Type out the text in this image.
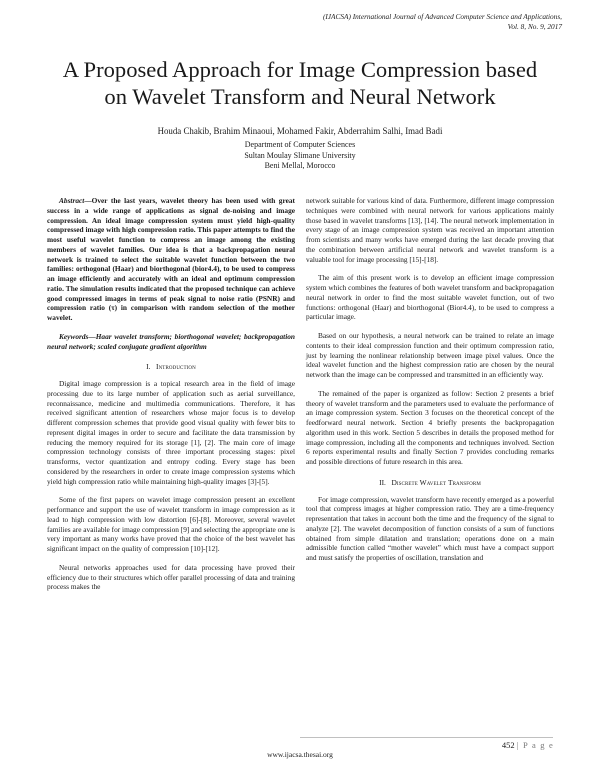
(IJACSA) International Journal of Advanced Computer Science and Applications,
Vol. 8, No. 9, 2017
A Proposed Approach for Image Compression based
on Wavelet Transform and Neural Network
Houda Chakib, Brahim Minaoui, Mohamed Fakir, Abderrahim Salhi, Imad Badi
Department of Computer Sciences
Sultan Moulay Slimane University
Beni Mellal, Morocco

Abstract—Over the last years, wavelet theory has been used with great success in a wide range of applications as signal de-noising and image compression. An ideal image compression system must yield high-quality compressed image with high compression ratio. This paper attempts to find the most useful wavelet function to compress an image among the existing members of wavelet families. Our idea is that a backpropagation neural network is trained to select the suitable wavelet function between the two families: orthogonal (Haar) and biorthogonal (bior4.4), to be used to compress an image efficiently and accurately with an ideal and optimum compression ratio. The simulation results indicated that the proposed technique can achieve good compressed images in terms of peak signal to noise ratio (PSNR) and compression ratio (τ) in comparison with random selection of the mother wavelet.

Keywords—Haar wavelet transform; biorthogonal wavelet; backpropagation neural network; scaled conjugate gradient algorithm

I. Introduction

Digital image compression is a topical research area in the field of image processing due to its large number of application such as aerial surveillance, reconnaissance, medicine and multimedia communications. Therefore, it has received significant attention of researchers whose major focus is to develop different compression schemes that provide good visual quality with fewer bits to represent digital images in order to secure and facilitate the data transmission by reducing the memory required for its storage [1], [2]. The main core of image compression technology consists of three important processing stages: pixel transforms, vector quantization and entropy coding. Every stage has been considered by the researchers in order to create image compression systems which yield high compression ratio while maintaining high-quality images [3]-[5].

Some of the first papers on wavelet image compression present an excellent performance and support the use of wavelet transform in image compression as it lead to high compression with low distortion [6]-[8]. Moreover, several wavelet families are available for image compression [9] and selecting the appropriate one is very important as many works have proved that the choice of the best wavelet has significant impact on the quality of compression [10]-[12].

Neural networks approaches used for data processing have proved their efficiency due to their structures which offer parallel processing of data and training process makes the

network suitable for various kind of data. Furthermore, different image compression techniques were combined with neural network for various applications mainly those based in wavelet transforms [13], [14]. The neural network implementation in every stage of an image compression system was received an important attention from scientists and many works have emerged during the last decade proving that the combination between artificial neural network and wavelet transform is a valuable tool for image processing [15]-[18].

The aim of this present work is to develop an efficient image compression system which combines the features of both wavelet transform and backpropagation neural network in order to find the most suitable wavelet function, out of two functions: orthogonal (Haar) and biorthogonal (Bior4.4), to be used to compress a particular image.

Based on our hypothesis, a neural network can be trained to relate an image contents to their ideal compression function and their optimum compression ratio, just by learning the nonlinear relationship between image pixel values. Once the ideal wavelet function and the highest compression ratio are chosen by the neural network than the image can be compressed and transmitted in an efficiently way.

The remained of the paper is organized as follow: Section 2 presents a brief theory of wavelet transform and the parameters used to evaluate the performance of an image compression system. Section 3 focuses on the theoretical concept of the feedforward neural network. Section 4 briefly presents the backpropagation algorithm used in this work. Section 5 describes in details the proposed method for image compression, including all the components and techniques involved. Section 6 reports experimental results and finally Section 7 provides concluding remarks and possible directions of future research in this area.

II. Discrete Wavelet Transform

For image compression, wavelet transform have recently emerged as a powerful tool that compress images at higher compression ratio. They are a time-frequency representation that takes in account both the time and the frequency of the signal to analyze [2]. The wavelet decomposition of function consists of a sum of functions obtained from simple dilatation and translation; operations done on a main admissible function called “mother wavelet” which must have a compact support and must satisfy the properties of oscillation, translation and

452 | P a g e
www.ijacsa.thesai.org
